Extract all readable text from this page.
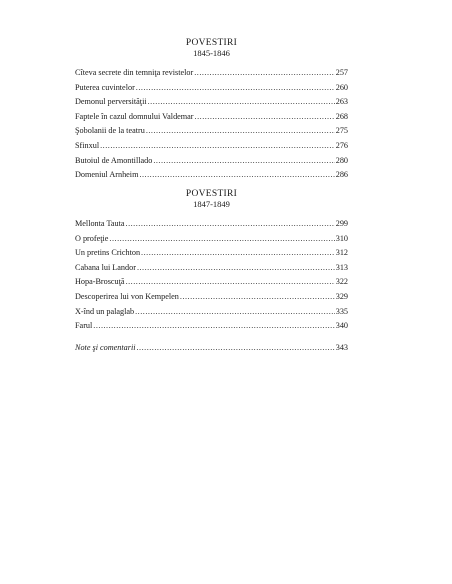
POVESTIRI
1845-1846
Cîteva secrete din temniţa revistelor .....	257
Puterea cuvintelor .....	260
Demonul perversităţii .....	263
Faptele în cazul domnului Valdemar .....	268
Şobolanii de la teatru .....	275
Sfinxul .....	276
Butoiul de Amontillado .....	280
Domeniul Arnheim .....	286
POVESTIRI
1847-1849
Mellonta Tauta .....	299
O profeţie .....	310
Un pretins Crichton .....	312
Cabana lui Landor .....	313
Hopa-Broscuţă .....	322
Descoperirea lui von Kempelen .....	329
X-înd un palaglab .....	335
Farul .....	340
Note şi comentarii .....	343
